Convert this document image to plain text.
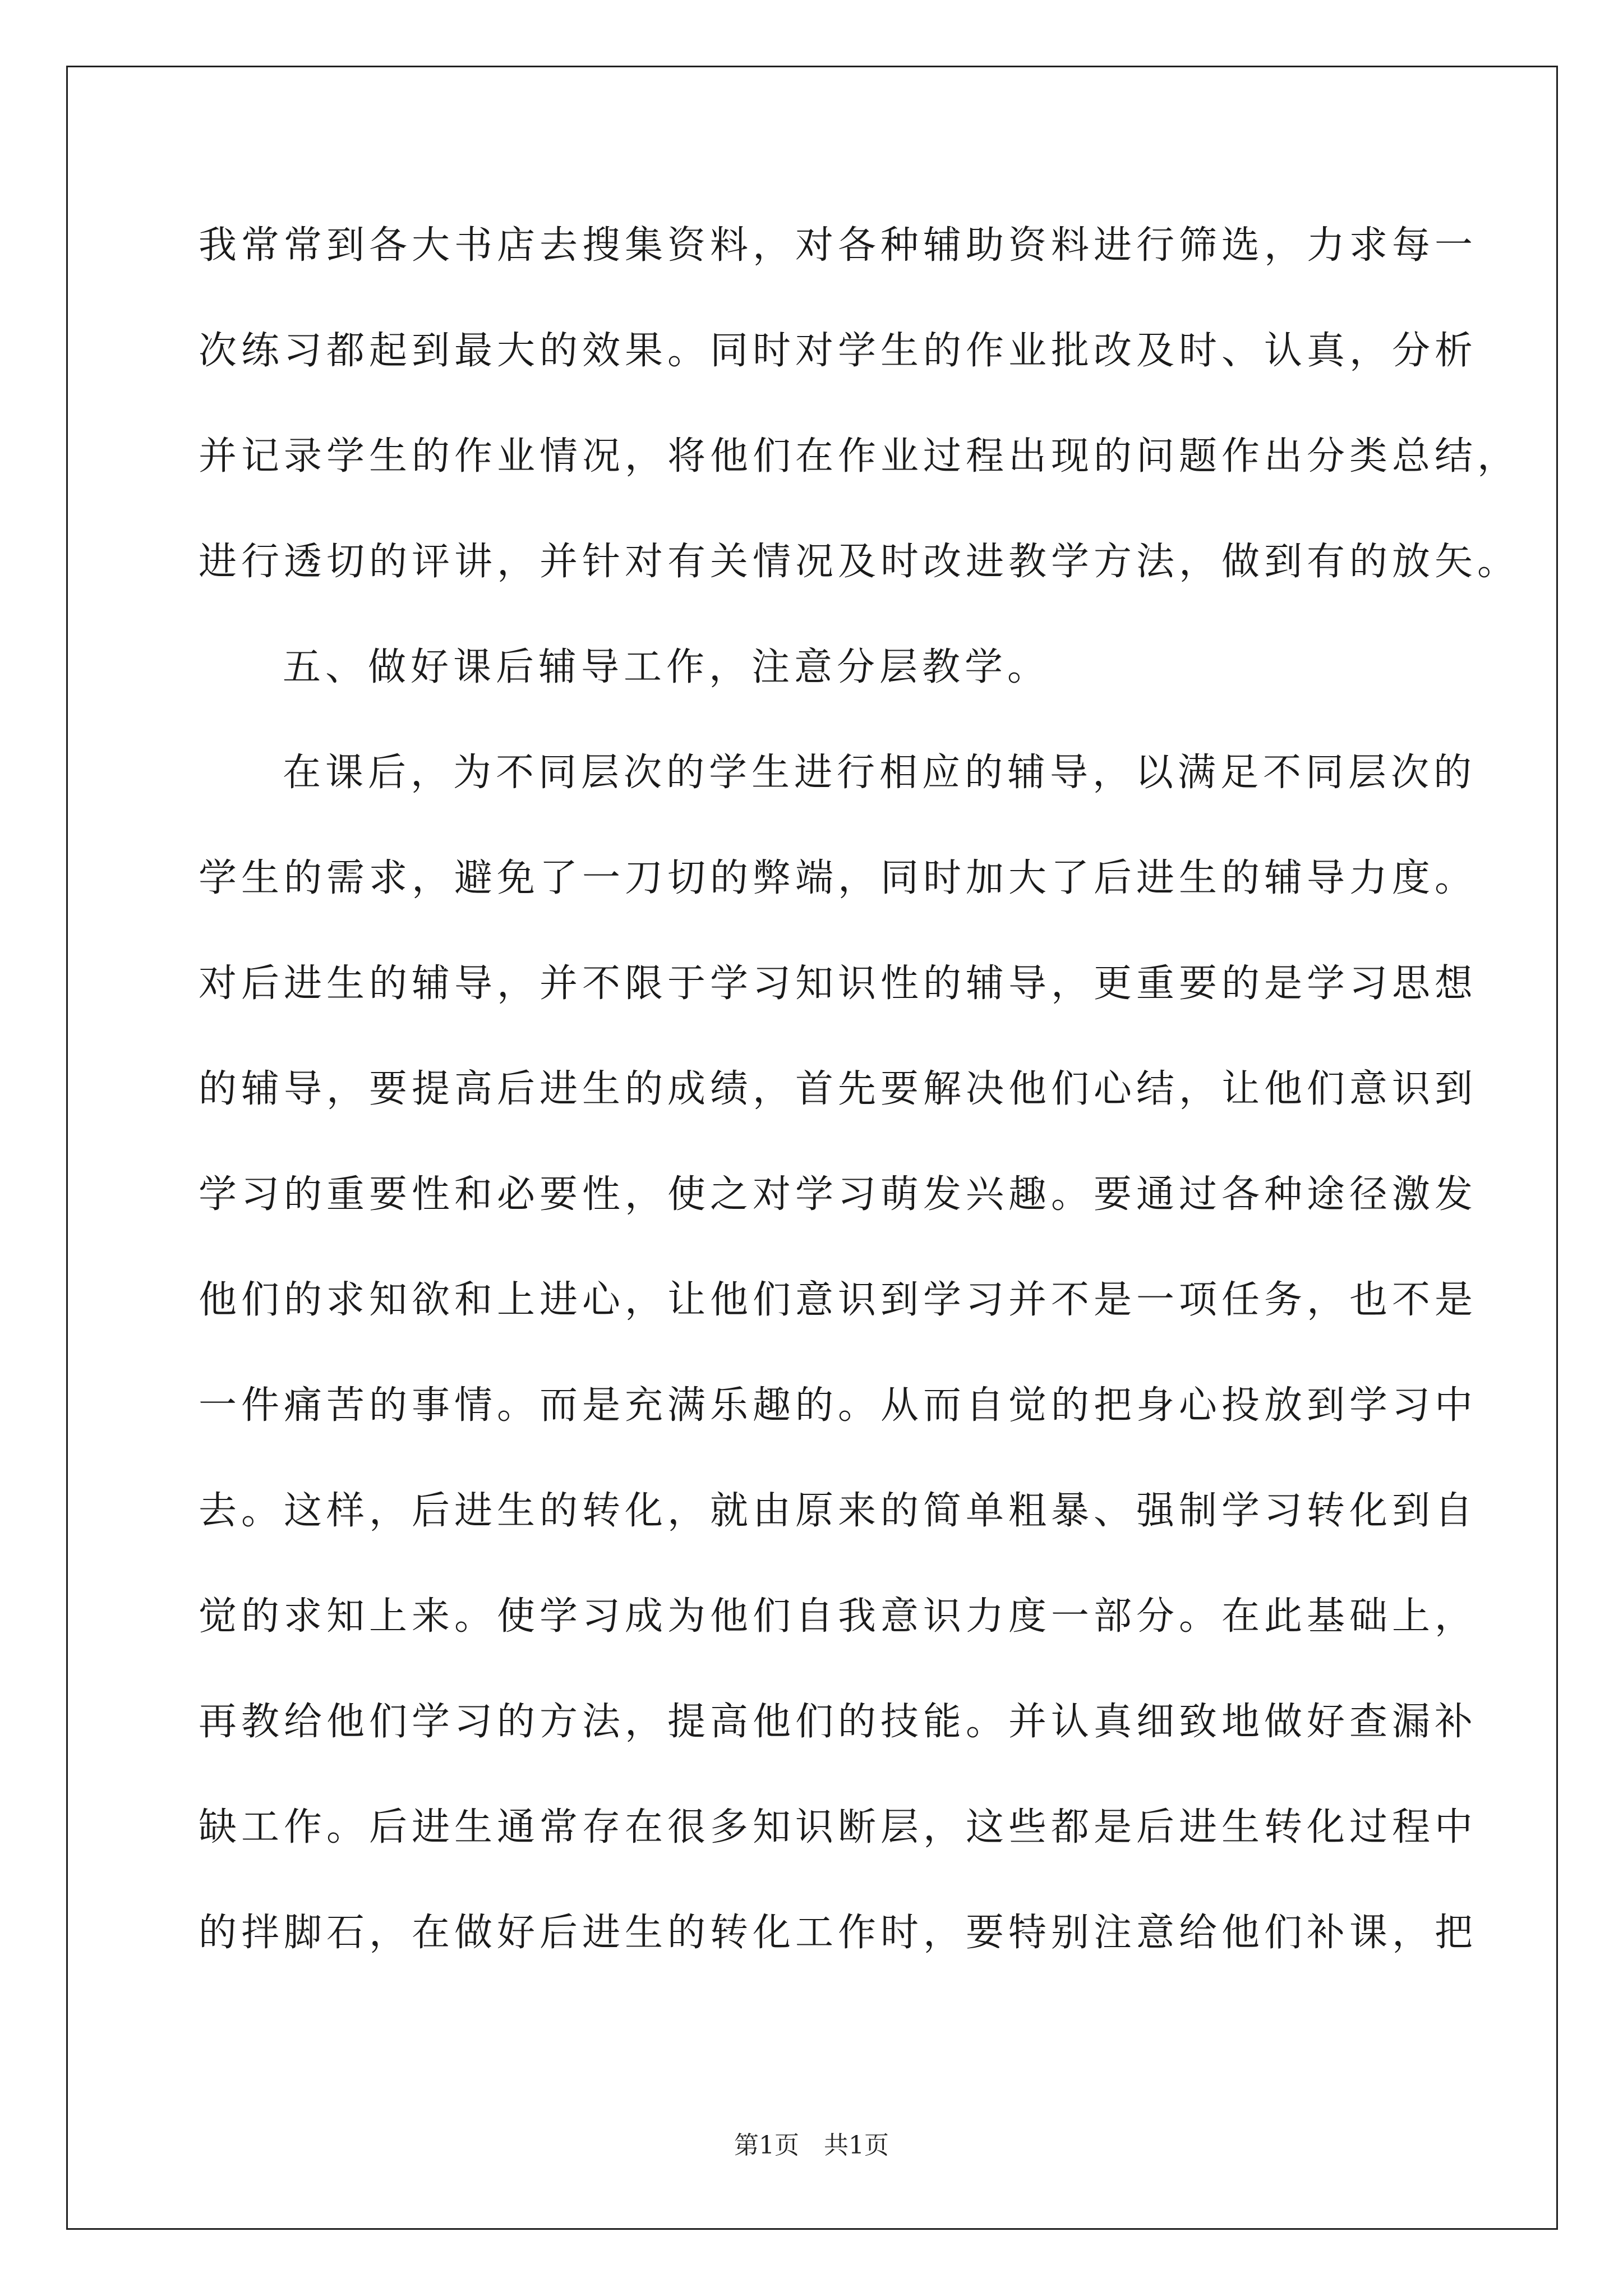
我常常到各大书店去搜集资料，对各种辅助资料进行筛选，力求每一
次练习都起到最大的效果。同时对学生的作业批改及时、认真，分析
并记录学生的作业情况，将他们在作业过程出现的问题作出分类总结，
进行透切的评讲，并针对有关情况及时改进教学方法，做到有的放矢。
五、做好课后辅导工作，注意分层教学。
在课后，为不同层次的学生进行相应的辅导，以满足不同层次的
学生的需求，避免了一刀切的弊端，同时加大了后进生的辅导力度。
对后进生的辅导，并不限于学习知识性的辅导，更重要的是学习思想
的辅导，要提高后进生的成绩，首先要解决他们心结，让他们意识到
学习的重要性和必要性，使之对学习萌发兴趣。要通过各种途径激发
他们的求知欲和上进心，让他们意识到学习并不是一项任务，也不是
一件痛苦的事情。而是充满乐趣的。从而自觉的把身心投放到学习中
去。这样，后进生的转化，就由原来的简单粗暴、强制学习转化到自
觉的求知上来。使学习成为他们自我意识力度一部分。在此基础上，
再教给他们学习的方法，提高他们的技能。并认真细致地做好查漏补
缺工作。后进生通常存在很多知识断层，这些都是后进生转化过程中
的拌脚石，在做好后进生的转化工作时，要特别注意给他们补课，把
第1页　共1页
